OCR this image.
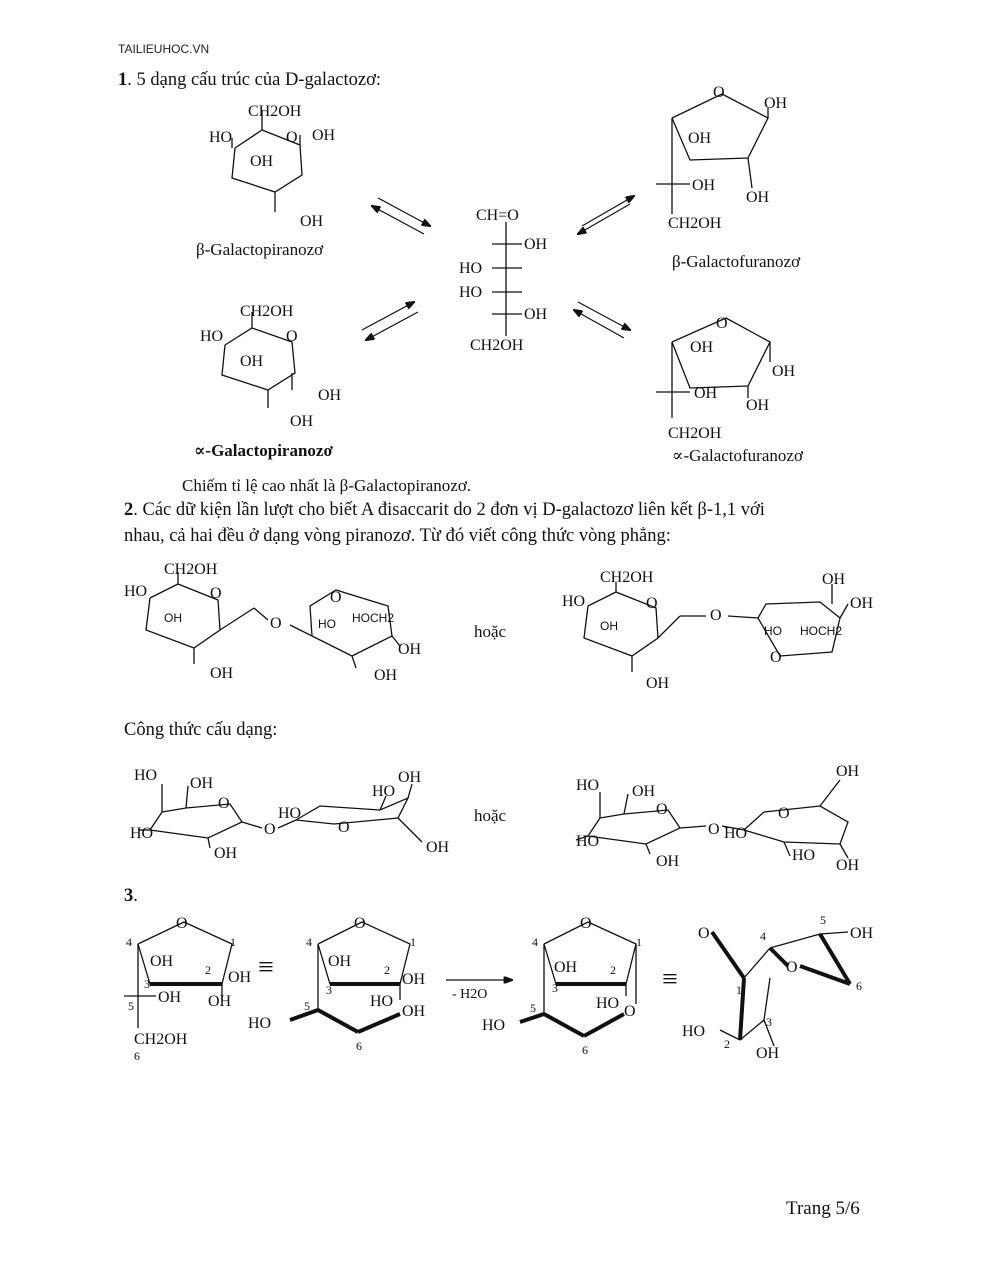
TAILIEUHOC.VN
1. 5 dạng cấu trúc của D-galactozơ:
β-Galactopiranozơ
∝-Galactopiranozơ
β-Galactofuranozơ
∝-Galactofuranozơ
Chiếm tỉ lệ cao nhất là β-Galactopiranozơ.
2. Các dữ kiện lần lượt cho biết A đisaccarit do 2 đơn vị D-galactozơ liên kết β-1,1 với
nhau, cả hai đều ở dạng vòng piranozơ. Từ đó viết công thức vòng phẳng:
hoặc
Công thức cấu dạng:
hoặc
3.
CH2OH
HO	O OH
OH
OH
CH2OH
HO	O
OH
OH
OH
CH=O
OH
HO
HO
OH
CH2OH
O
OH
OH
OH
OH
CH2OH
O
OH
OH
OH
OH
CH2OH
CH2OH
HO	O
OH
OH
O
O
HO HOCH2
OH
OH
CH2OH
HO	O
OH
OH
O
HO HOCH2
O
OH
OH
HO OH
O
HO
OH
O
HO
O
HO
OH
OH
HO OH
O
HO
OH
O HO
O
OH
HO
OH
O
OH
OH
OH OH
CH2OH
4	1
3
2
5
6
≡
O
OH
OH
HO
HO
OH
4	1
3
2
5
6
- H2O
O
OH
HO O
HO
4	1
3
2
5
6
≡
O
O
OH
HO
OH
4
5
6
1
3
2
Trang 5/6
